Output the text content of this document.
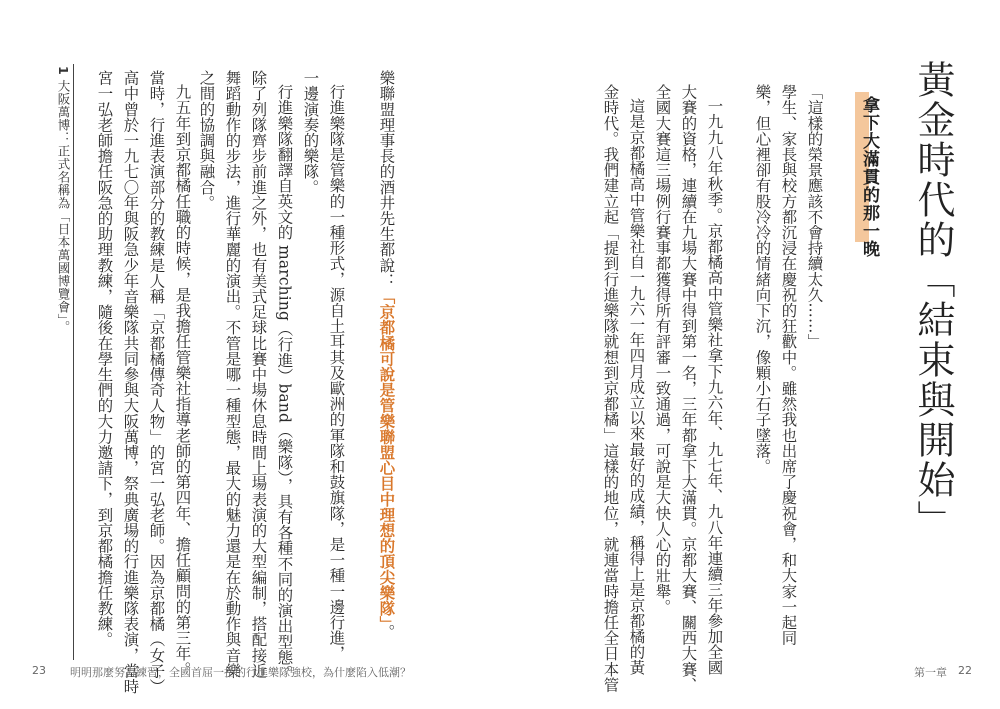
黃金時代的「結束與開始」
拿下大滿貫的那一晚
「這樣的榮景應該不會持續太久……」
學生、家長與校方都沉浸在慶祝的狂歡中。雖然我也出席了慶祝會，和大家一起同
樂，但心裡卻有股冷冷的情緒向下沉，像顆小石子墜落。
一九九八年秋季。京都橘高中管樂社拿下九六年、九七年、九八年連續三年參加全國
大賽的資格，連續在九場大賽中得到第一名，三年都拿下大滿貫。京都大賽、關西大賽、
全國大賽這三場例行賽事都獲得所有評審一致通過，可說是大快人心的壯舉。
這是京都橘高中管樂社自一九六一年四月成立以來最好的成績，稱得上是京都橘的黃
金時代。我們建立起「提到行進樂隊就想到京都橘」這樣的地位，就連當時擔任全日本管	第一章 22
樂聯盟理事長的酒井先生都說：「京都橘可說是管樂聯盟心目中理想的頂尖樂隊」。
行進樂隊是管樂的一種形式，源自土耳其及歐洲的軍隊和鼓旗隊，是一種一邊行進，
一邊演奏的樂隊。
行進樂隊翻譯自英文的 marching（行進）band（樂隊），具有各種不同的演出型態。
除了列隊齊步前進之外，也有美式足球比賽中場休息時間上場表演的大型編制，搭配接近
舞蹈動作的步法，進行華麗的演出。不管是哪一種型態，最大的魅力還是在於動作與音樂
之間的協調與融合。
九五年到京都橘任職的時候，是我擔任管樂社指導老師的第四年、擔任顧問的第三年。
當時，行進表演部分的教練是人稱「京都橘傳奇人物」的宮一弘老師。因為京都橘（女子）
高中曾於一九七〇年與阪急少年音樂隊共同參與大阪萬博，祭典廣場的行進樂隊表演，當時
宮一弘老師擔任阪急的助理教練，隨後在學生們的大力邀請下，到京都橘擔任教練。
1 大阪萬博：正式名稱為「日本萬國博覽會」。
23 明明那麼努力練習，全國首屈一指的行進樂隊強校，為什麼陷入低潮？
